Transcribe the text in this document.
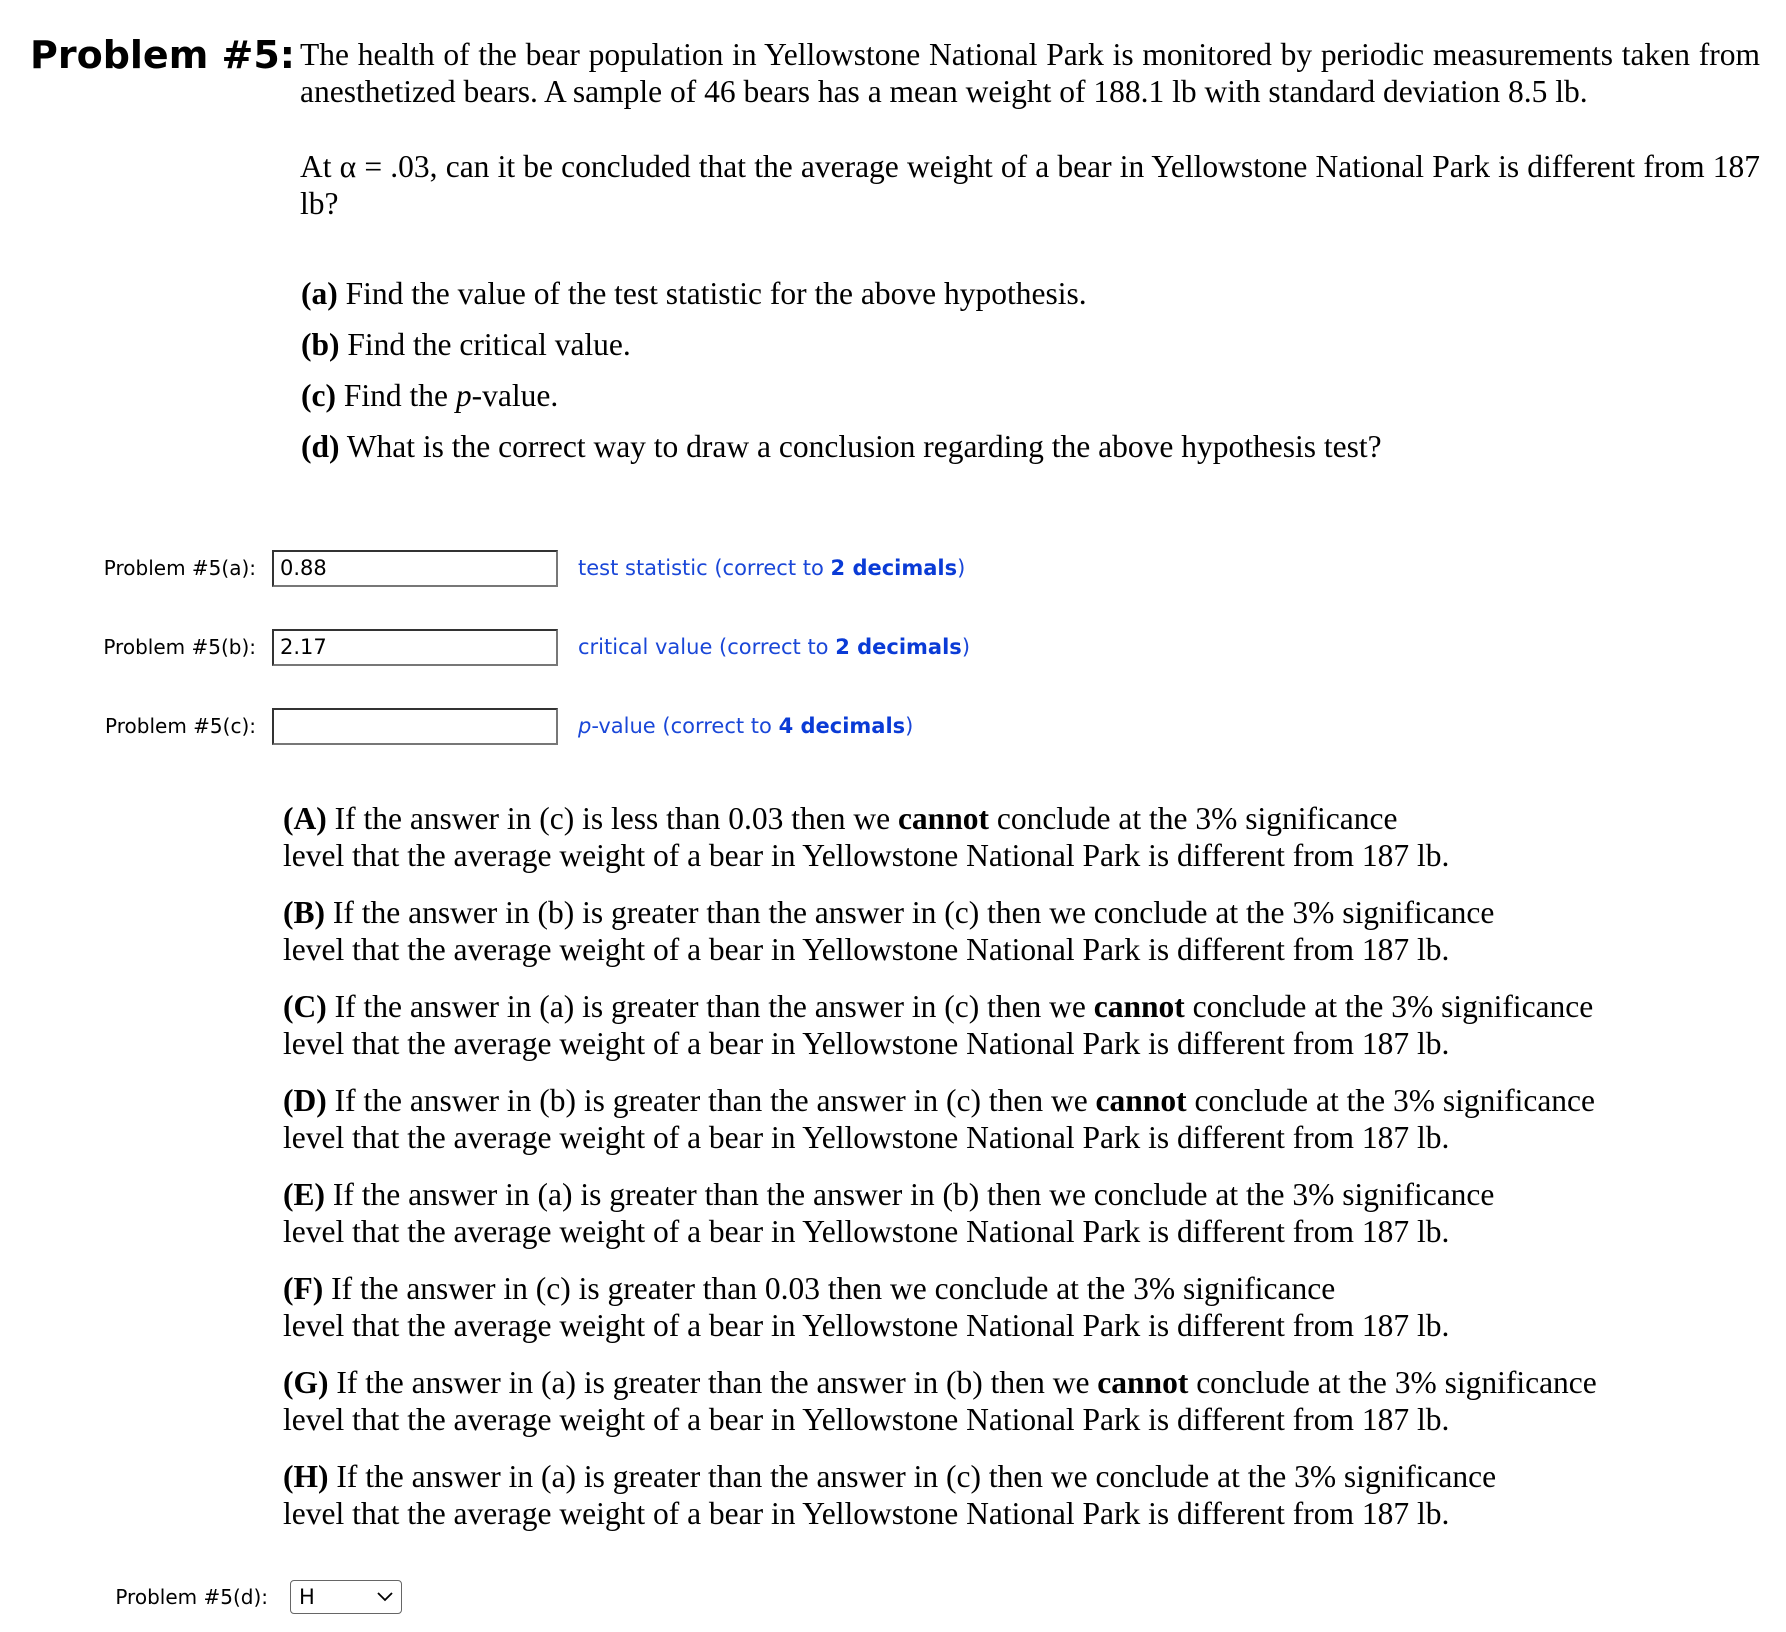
Problem #5: The health of the bear population in Yellowstone National Park is monitored by periodic measurements taken from anesthetized bears. A sample of 46 bears has a mean weight of 188.1 lb with standard deviation 8.5 lb.

At α = .03, can it be concluded that the average weight of a bear in Yellowstone National Park is different from 187 lb?

(a) Find the value of the test statistic for the above hypothesis.
(b) Find the critical value.
(c) Find the p-value.
(d) What is the correct way to draw a conclusion regarding the above hypothesis test?
Problem #5(a):
0.88	test statistic (correct to 2 decimals)
Problem #5(b):
2.17	critical value (correct to 2 decimals)
Problem #5(c):	p-value (correct to 4 decimals)
(A) If the answer in (c) is less than 0.03 then we cannot conclude at the 3% significance
level that the average weight of a bear in Yellowstone National Park is different from 187 lb.
(B) If the answer in (b) is greater than the answer in (c) then we conclude at the 3% significance
level that the average weight of a bear in Yellowstone National Park is different from 187 lb.
(C) If the answer in (a) is greater than the answer in (c) then we cannot conclude at the 3% significance
level that the average weight of a bear in Yellowstone National Park is different from 187 lb.
(D) If the answer in (b) is greater than the answer in (c) then we cannot conclude at the 3% significance
level that the average weight of a bear in Yellowstone National Park is different from 187 lb.
(E) If the answer in (a) is greater than the answer in (b) then we conclude at the 3% significance
level that the average weight of a bear in Yellowstone National Park is different from 187 lb.
(F) If the answer in (c) is greater than 0.03 then we conclude at the 3% significance
level that the average weight of a bear in Yellowstone National Park is different from 187 lb.
(G) If the answer in (a) is greater than the answer in (b) then we cannot conclude at the 3% significance
level that the average weight of a bear in Yellowstone National Park is different from 187 lb.
(H) If the answer in (a) is greater than the answer in (c) then we conclude at the 3% significance
level that the average weight of a bear in Yellowstone National Park is different from 187 lb.
Problem #5(d):	H
